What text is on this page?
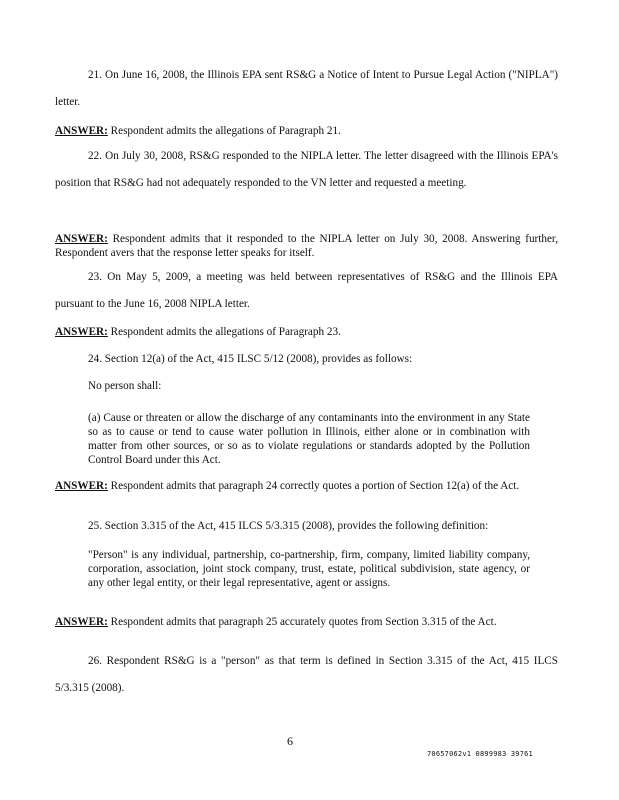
21. On June 16, 2008, the Illinois EPA sent RS&G a Notice of Intent to Pursue Legal Action ("NIPLA") letter.

ANSWER: Respondent admits the allegations of Paragraph 21.

22. On July 30, 2008, RS&G responded to the NIPLA letter. The letter disagreed with the Illinois EPA's position that RS&G had not adequately responded to the VN letter and requested a meeting.

ANSWER: Respondent admits that it responded to the NIPLA letter on July 30, 2008. Answering further, Respondent avers that the response letter speaks for itself.

23. On May 5, 2009, a meeting was held between representatives of RS&G and the Illinois EPA pursuant to the June 16, 2008 NIPLA letter.

ANSWER: Respondent admits the allegations of Paragraph 23.

24. Section 12(a) of the Act, 415 ILSC 5/12 (2008), provides as follows:

No person shall:

(a) Cause or threaten or allow the discharge of any contaminants into the environment in any State so as to cause or tend to cause water pollution in Illinois, either alone or in combination with matter from other sources, or so as to violate regulations or standards adopted by the Pollution Control Board under this Act.

ANSWER: Respondent admits that paragraph 24 correctly quotes a portion of Section 12(a) of the Act.

25. Section 3.315 of the Act, 415 ILCS 5/3.315 (2008), provides the following definition:

"Person" is any individual, partnership, co-partnership, firm, company, limited liability company, corporation, association, joint stock company, trust, estate, political subdivision, state agency, or any other legal entity, or their legal representative, agent or assigns.

ANSWER: Respondent admits that paragraph 25 accurately quotes from Section 3.315 of the Act.

26. Respondent RS&G is a "person" as that term is defined in Section 3.315 of the Act, 415 ILCS 5/3.315 (2008).

6
70657062v1 0899983 39761
